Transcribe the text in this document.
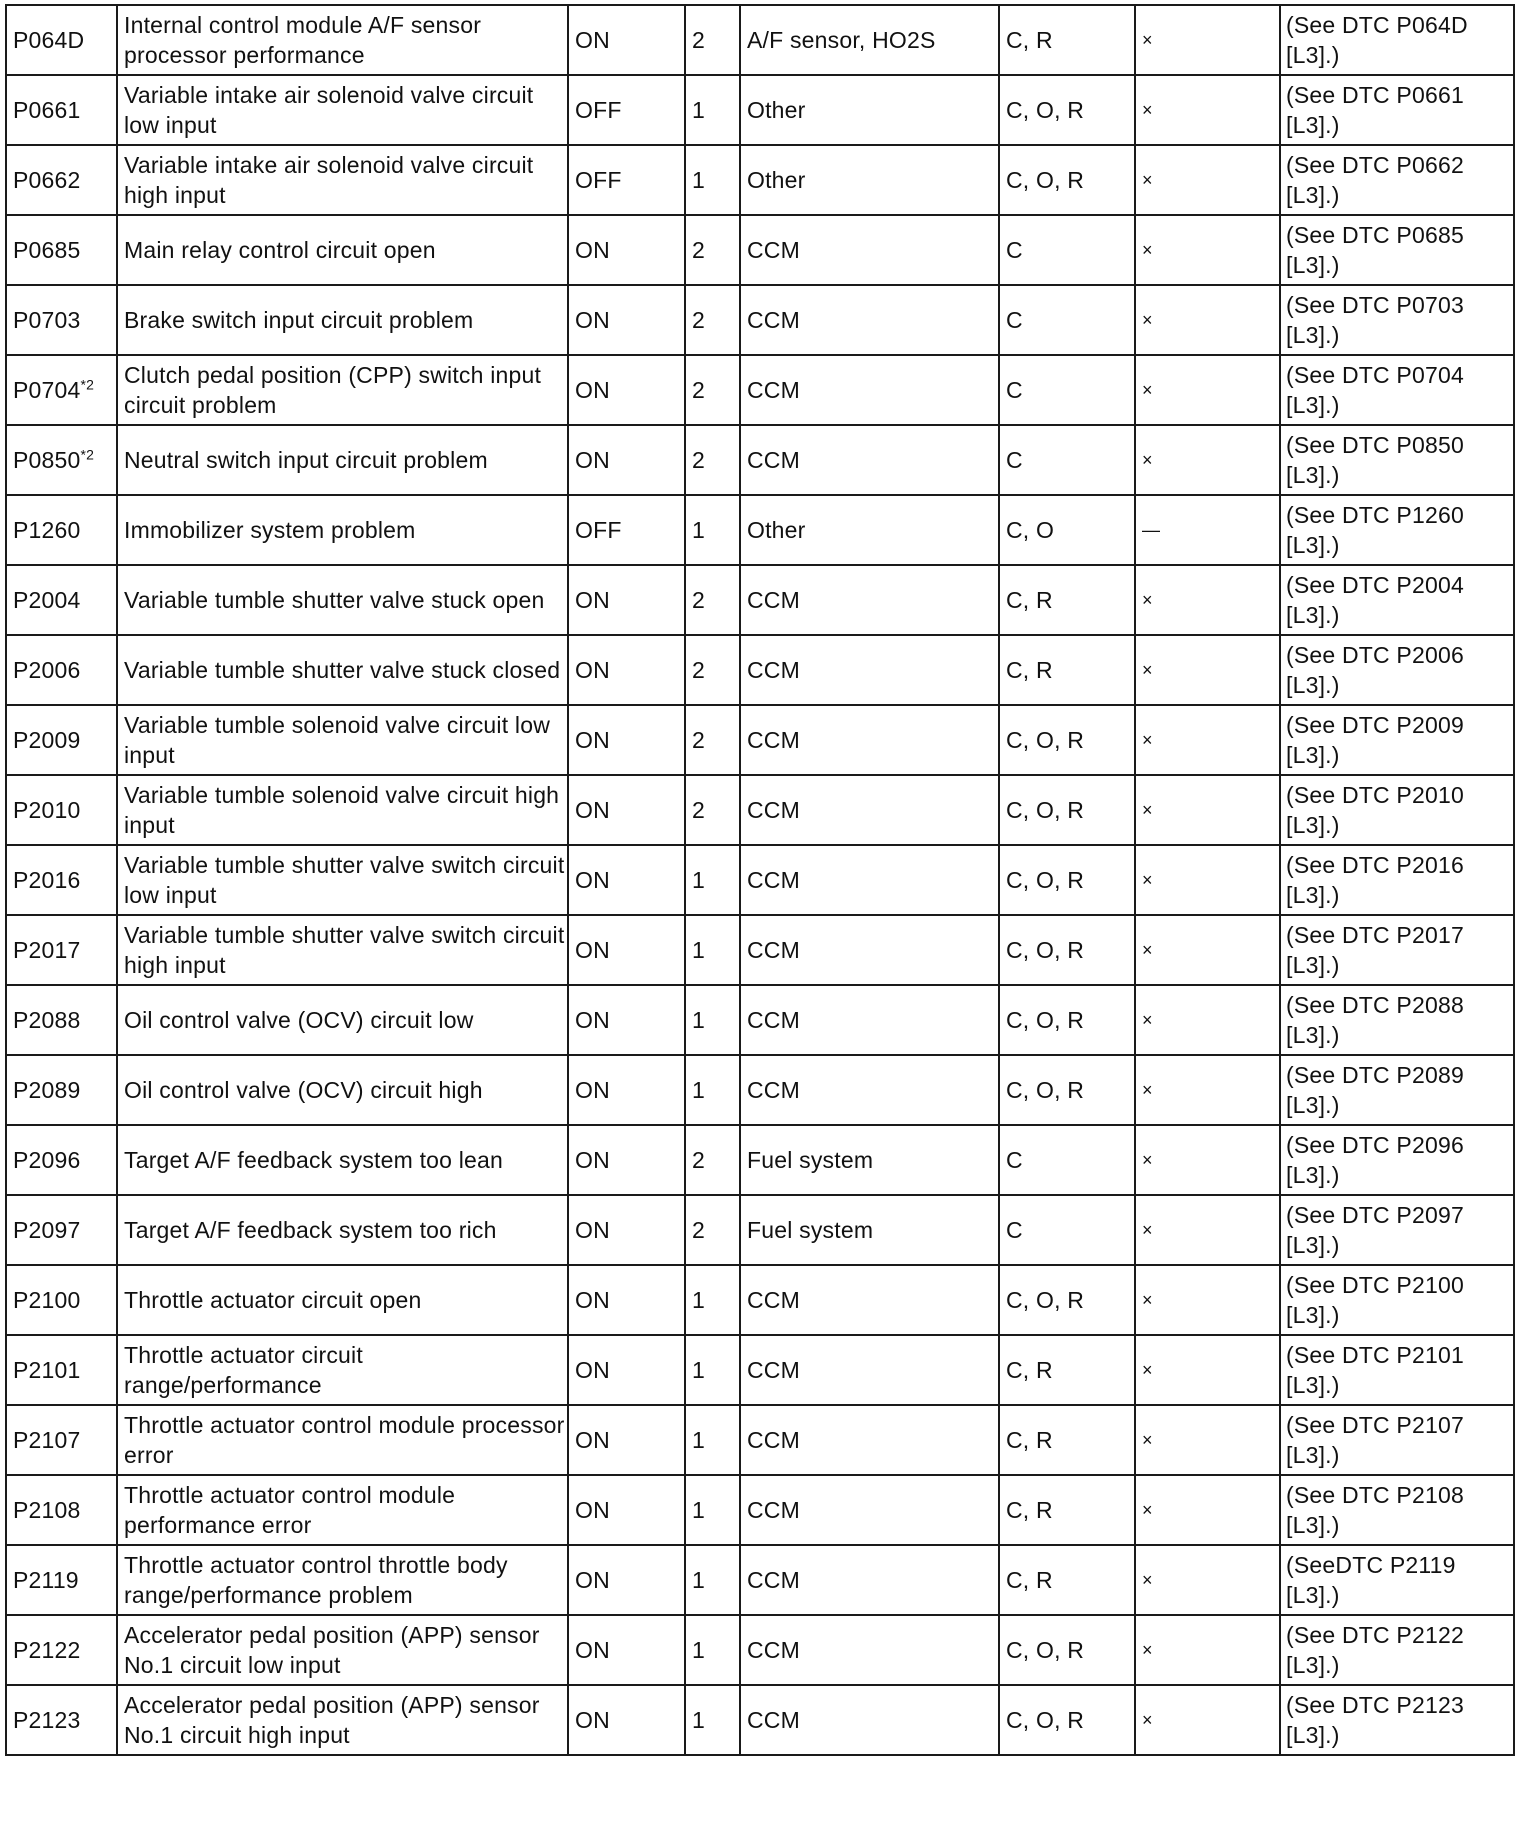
P064D	Internal control module A/F sensor processor performance	ON	2	A/F sensor, HO2S	C, R	×	(See DTC P064D [L3].)
P0661	Variable intake air solenoid valve circuit low input	OFF	1	Other	C, O, R	×	(See DTC P0661 [L3].)
P0662	Variable intake air solenoid valve circuit high input	OFF	1	Other	C, O, R	×	(See DTC P0662 [L3].)
P0685	Main relay control circuit open	ON	2	CCM	C	×	(See DTC P0685 [L3].)
P0703	Brake switch input circuit problem	ON	2	CCM	C	×	(See DTC P0703 [L3].)
P0704$^{*2}$	Clutch pedal position (CPP) switch input circuit problem	ON	2	CCM	C	×	(See DTC P0704 [L3].)
P0850$^{*2}$	Neutral switch input circuit problem	ON	2	CCM	C	×	(See DTC P0850 [L3].)
P1260	Immobilizer system problem	OFF	1	Other	C, O	—	(See DTC P1260 [L3].)
P2004	Variable tumble shutter valve stuck open	ON	2	CCM	C, R	×	(See DTC P2004 [L3].)
P2006	Variable tumble shutter valve stuck closed	ON	2	CCM	C, R	×	(See DTC P2006 [L3].)
P2009	Variable tumble solenoid valve circuit low input	ON	2	CCM	C, O, R	×	(See DTC P2009 [L3].)
P2010	Variable tumble solenoid valve circuit high input	ON	2	CCM	C, O, R	×	(See DTC P2010 [L3].)
P2016	Variable tumble shutter valve switch circuit low input	ON	1	CCM	C, O, R	×	(See DTC P2016 [L3].)
P2017	Variable tumble shutter valve switch circuit high input	ON	1	CCM	C, O, R	×	(See DTC P2017 [L3].)
P2088	Oil control valve (OCV) circuit low	ON	1	CCM	C, O, R	×	(See DTC P2088 [L3].)
P2089	Oil control valve (OCV) circuit high	ON	1	CCM	C, O, R	×	(See DTC P2089 [L3].)
P2096	Target A/F feedback system too lean	ON	2	Fuel system	C	×	(See DTC P2096 [L3].)
P2097	Target A/F feedback system too rich	ON	2	Fuel system	C	×	(See DTC P2097 [L3].)
P2100	Throttle actuator circuit open	ON	1	CCM	C, O, R	×	(See DTC P2100 [L3].)
P2101	Throttle actuator circuit range/performance	ON	1	CCM	C, R	×	(See DTC P2101 [L3].)
P2107	Throttle actuator control module processor error	ON	1	CCM	C, R	×	(See DTC P2107 [L3].)
P2108	Throttle actuator control module performance error	ON	1	CCM	C, R	×	(See DTC P2108 [L3].)
P2119	Throttle actuator control throttle body range/performance problem	ON	1	CCM	C, R	×	(SeeDTC P2119 [L3].)
P2122	Accelerator pedal position (APP) sensor No.1 circuit low input	ON	1	CCM	C, O, R	×	(See DTC P2122 [L3].)
P2123	Accelerator pedal position (APP) sensor No.1 circuit high input	ON	1	CCM	C, O, R	×	(See DTC P2123 [L3].)
